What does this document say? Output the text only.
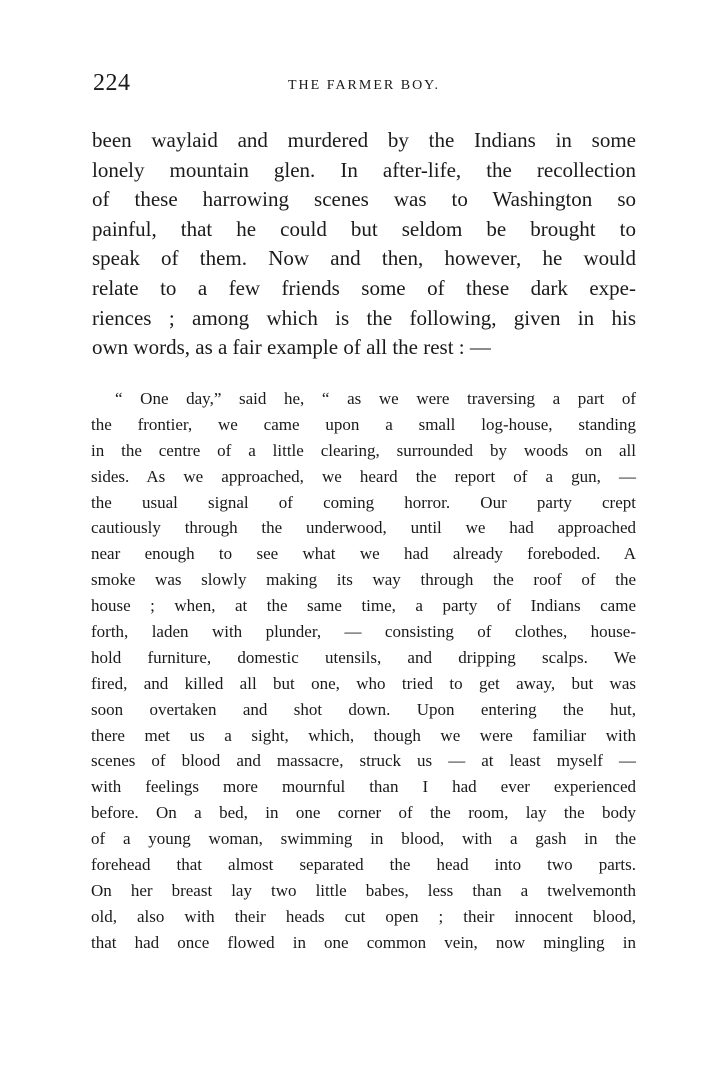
224	THE FARMER BOY.
been waylaid and murdered by the Indians in some
lonely mountain glen. In after-life, the recollection
of these harrowing scenes was to Washington so
painful, that he could but seldom be brought to
speak of them. Now and then, however, he would
relate to a few friends some of these dark expe-
riences ; among which is the following, given in his
own words, as a fair example of all the rest : —
“ One day,” said he, “ as we were traversing a part of
the frontier, we came upon a small log-house, standing
in the centre of a little clearing, surrounded by woods on all
sides. As we approached, we heard the report of a gun, —
the usual signal of coming horror. Our party crept
cautiously through the underwood, until we had approached
near enough to see what we had already foreboded. A
smoke was slowly making its way through the roof of the
house ; when, at the same time, a party of Indians came
forth, laden with plunder, — consisting of clothes, house-
hold furniture, domestic utensils, and dripping scalps. We
fired, and killed all but one, who tried to get away, but was
soon overtaken and shot down. Upon entering the hut,
there met us a sight, which, though we were familiar with
scenes of blood and massacre, struck us — at least myself —
with feelings more mournful than I had ever experienced
before. On a bed, in one corner of the room, lay the body
of a young woman, swimming in blood, with a gash in the
forehead that almost separated the head into two parts.
On her breast lay two little babes, less than a twelvemonth
old, also with their heads cut open ; their innocent blood,
that had once flowed in one common vein, now mingling in
